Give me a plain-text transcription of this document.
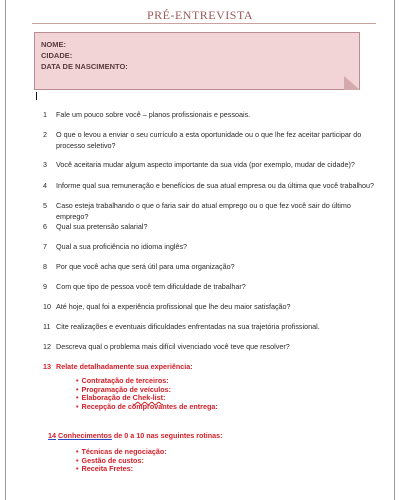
PRÉ-ENTREVISTA
NOME:
CIDADE:
DATA DE NASCIMENTO:
1	Fale um pouco sobre você – planos profissionais e pessoais.
2	O que o levou a enviar o seu currículo a esta oportunidade ou o que lhe fez aceitar participar do processo seletivo?
3	Você aceitaria mudar algum aspecto importante da sua vida (por exemplo, mudar de cidade)?
4	Informe qual sua remuneração e benefícios de sua atual empresa ou da última que você trabalhou?
5	Caso esteja trabalhando o que o faria sair do atual emprego ou o que fez você sair do último emprego?
6	Qual sua pretensão salarial?
7	Qual a sua proficiência no idioma inglês?
8	Por que você acha que será útil para uma organização?
9	Com que tipo de pessoa você tem dificuldade de trabalhar?
10 Até hoje, qual foi a experiência profissional que lhe deu maior satisfação?
11 Cite realizações e eventuais dificuldades enfrentadas na sua trajetória profissional.
12 Descreva qual o problema mais difícil vivenciado você teve que resolver?
13 Relate detalhadamente sua experiência:
• Contratação de terceiros:
• Programação de veículos:
• Elaboração de Chek-list:
• Recepção de comprovantes de entrega:
14 Conhecimentos de 0 a 10 nas seguintes rotinas:
• Técnicas de negociação:
• Gestão de custos:
• Receita Fretes:
